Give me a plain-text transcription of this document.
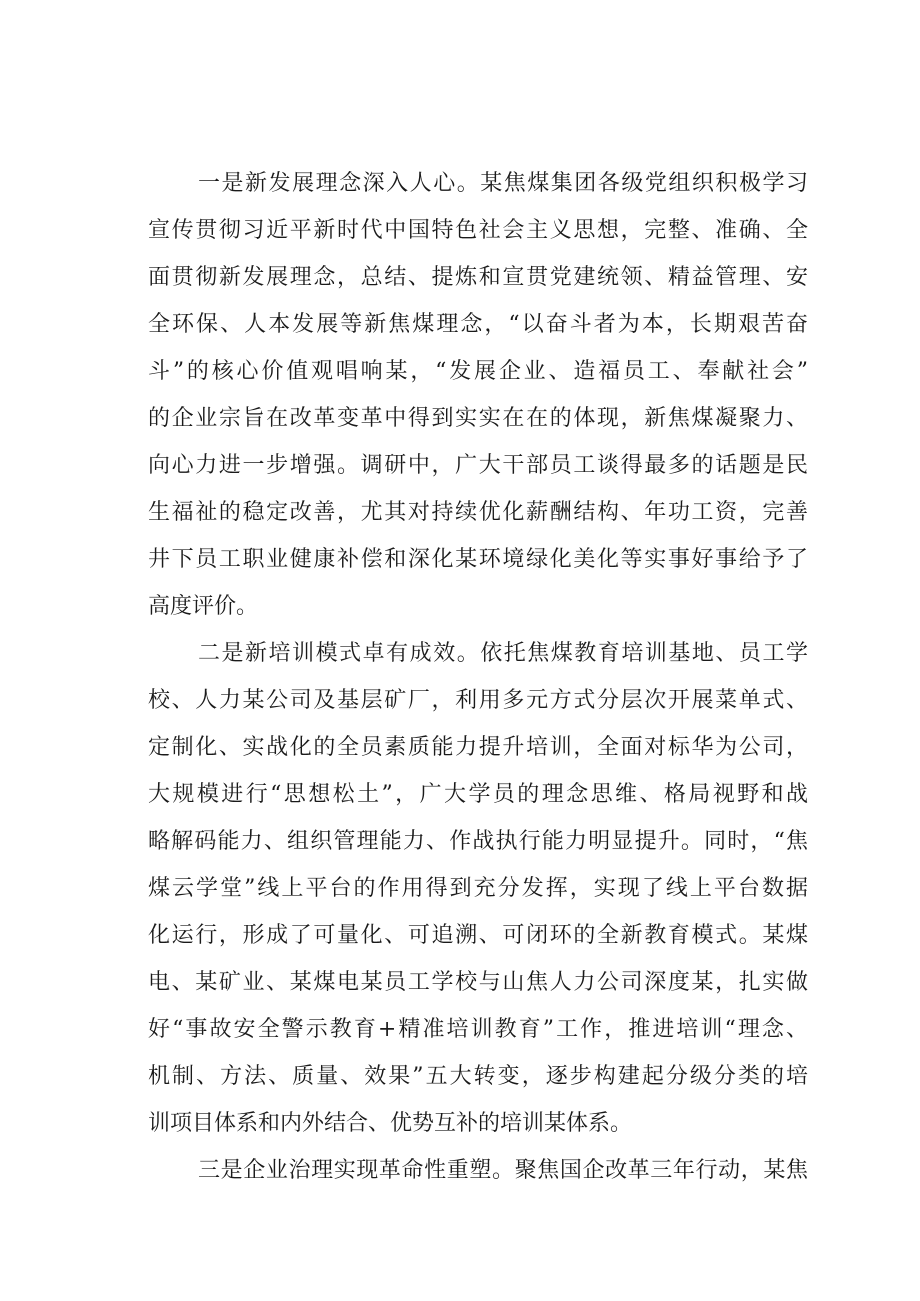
一是新发展理念深入人心。某焦煤集团各级党组织积极学习
宣传贯彻习近平新时代中国特色社会主义思想，完整、准确、全
面贯彻新发展理念，总结、提炼和宣贯党建统领、精益管理、安
全环保、人本发展等新焦煤理念，“以奋斗者为本，长期艰苦奋
斗”的核心价值观唱响某，“发展企业、造福员工、奉献社会”
的企业宗旨在改革变革中得到实实在在的体现，新焦煤凝聚力、
向心力进一步增强。调研中，广大干部员工谈得最多的话题是民
生福祉的稳定改善，尤其对持续优化薪酬结构、年功工资，完善
井下员工职业健康补偿和深化某环境绿化美化等实事好事给予了
高度评价。
二是新培训模式卓有成效。依托焦煤教育培训基地、员工学
校、人力某公司及基层矿厂，利用多元方式分层次开展菜单式、
定制化、实战化的全员素质能力提升培训，全面对标华为公司，
大规模进行“思想松土”，广大学员的理念思维、格局视野和战
略解码能力、组织管理能力、作战执行能力明显提升。同时，“焦
煤云学堂”线上平台的作用得到充分发挥，实现了线上平台数据
化运行，形成了可量化、可追溯、可闭环的全新教育模式。某煤
电、某矿业、某煤电某员工学校与山焦人力公司深度某，扎实做
好“事故安全警示教育+精准培训教育”工作，推进培训“理念、
机制、方法、质量、效果”五大转变，逐步构建起分级分类的培
训项目体系和内外结合、优势互补的培训某体系。
三是企业治理实现革命性重塑。聚焦国企改革三年行动，某焦
